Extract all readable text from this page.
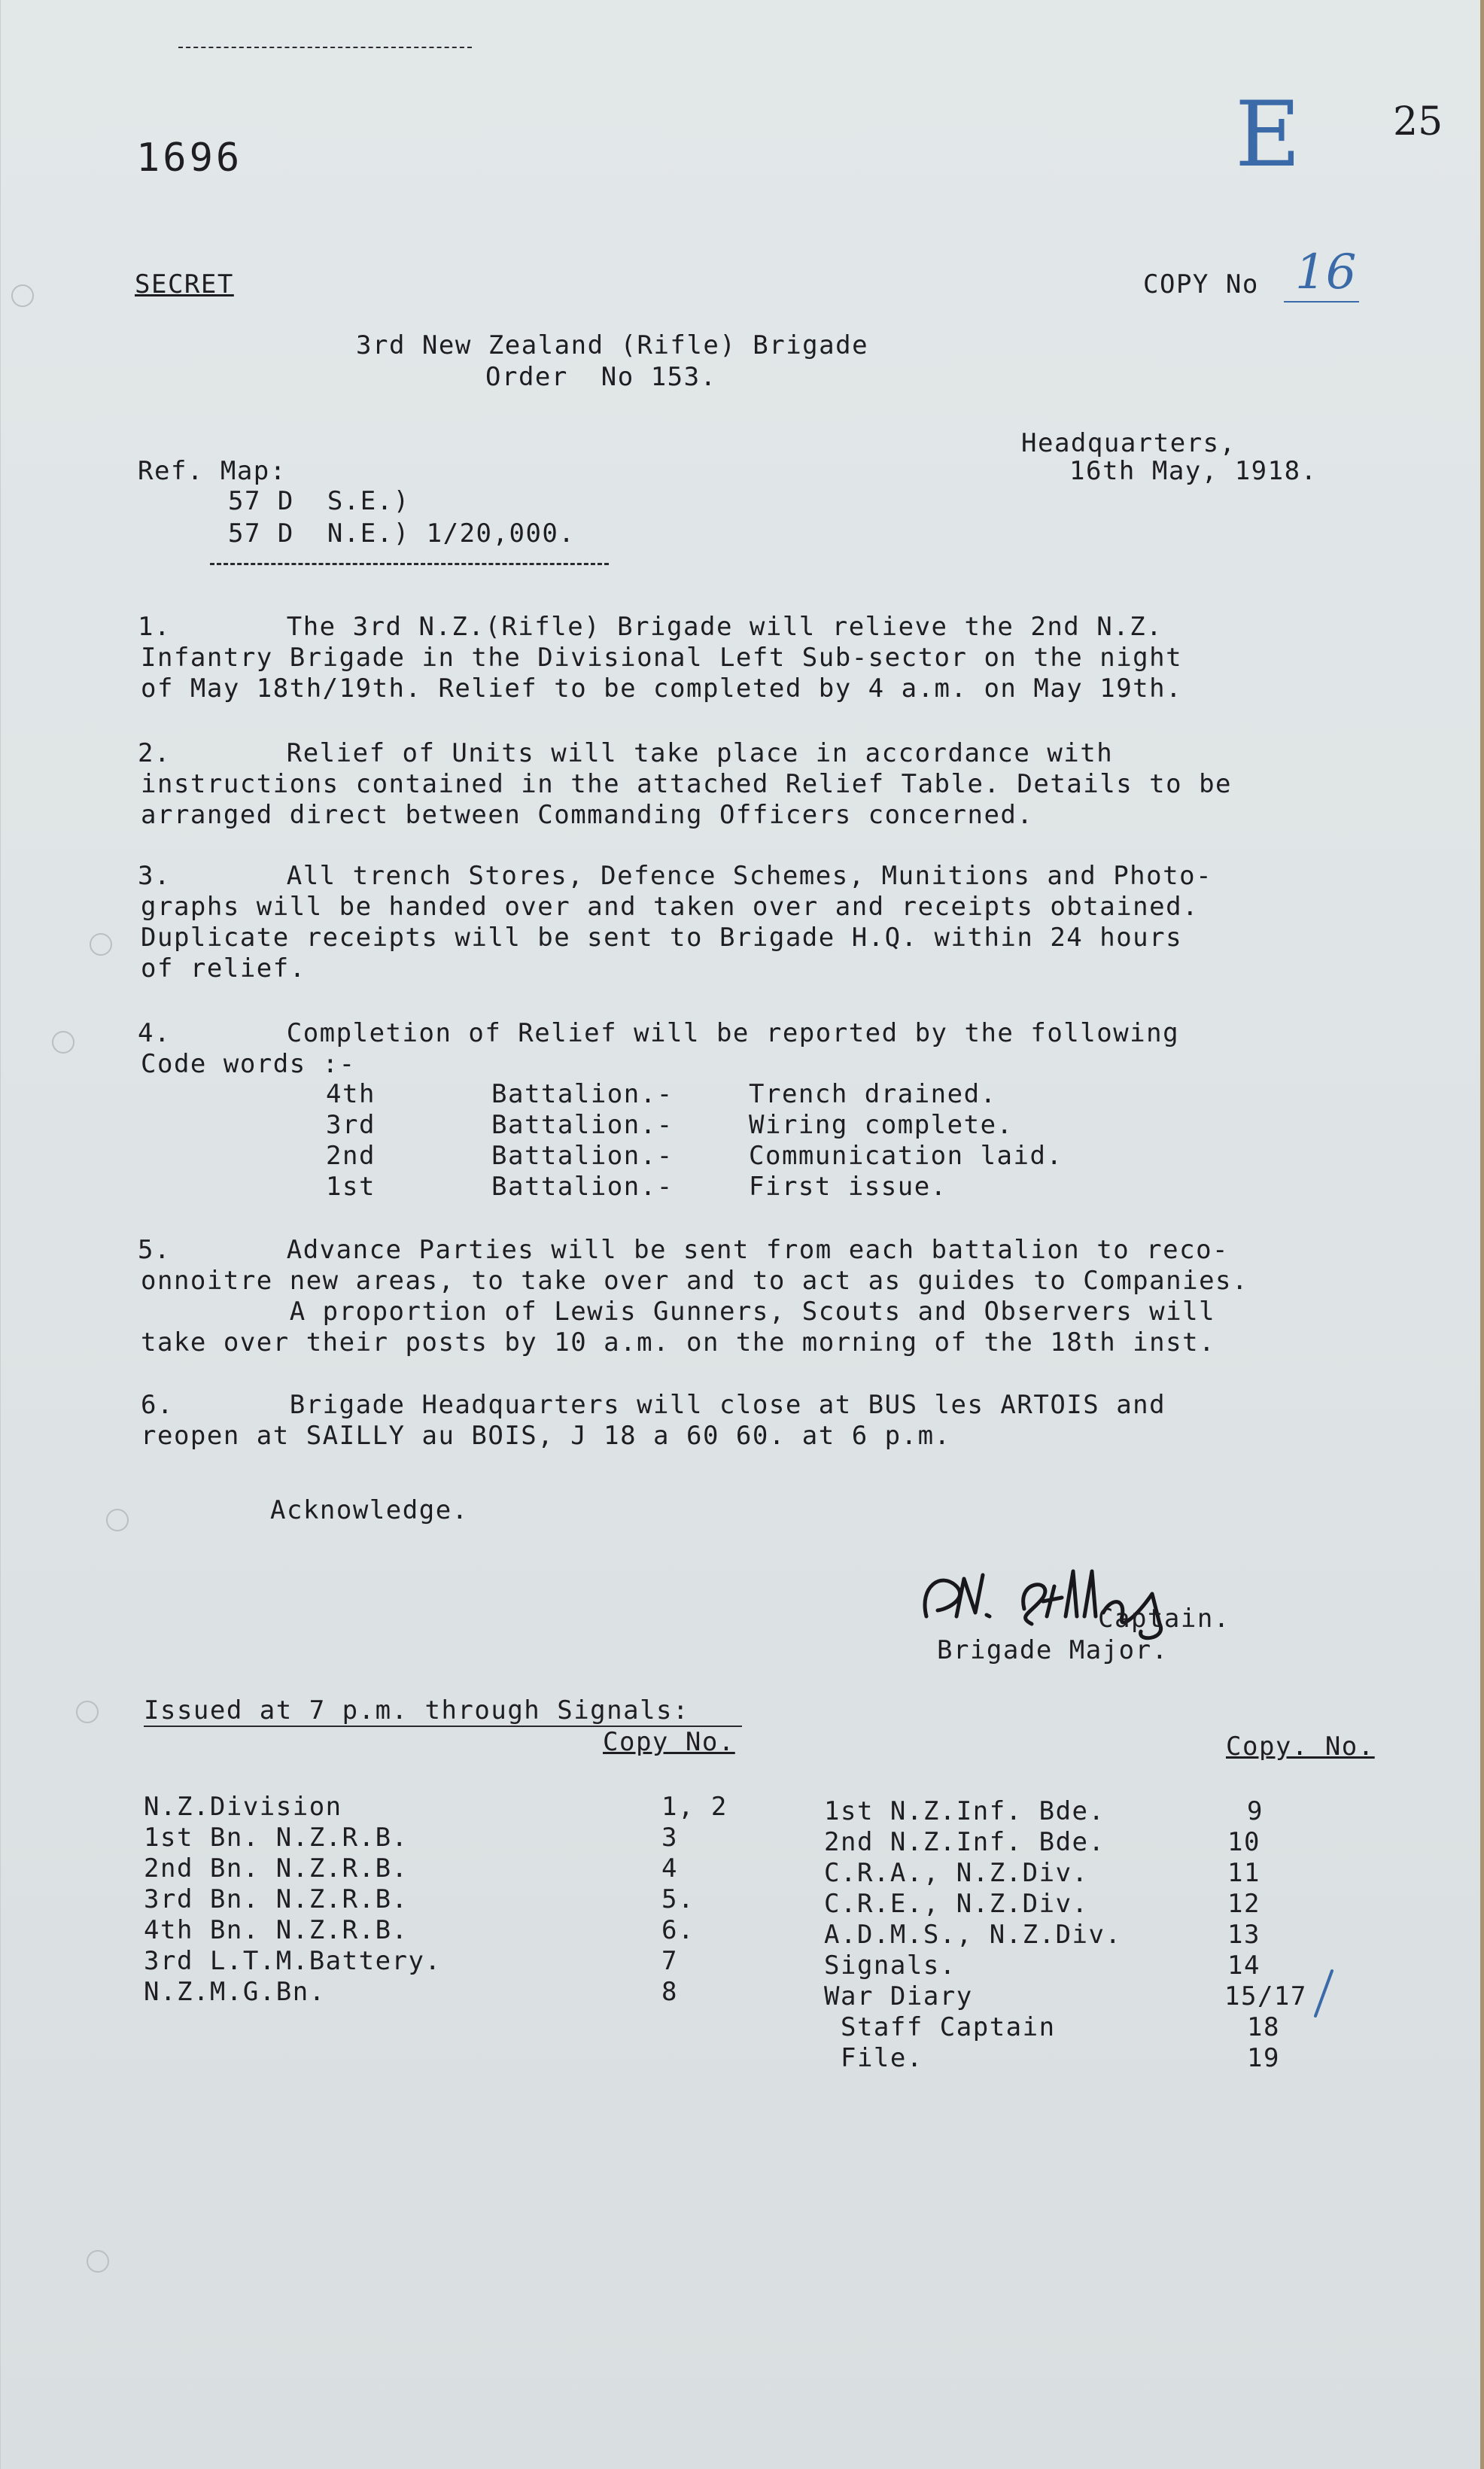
1696	E 25
SECRET	COPY No 16
3rd New Zealand (Rifle) Brigade
Order  No 153.
Headquarters,
16th May, 1918.
Ref. Map:
57 D  S.E.)
57 D  N.E.) 1/20,000.
1.       The 3rd N.Z.(Rifle) Brigade will relieve the 2nd N.Z.
Infantry Brigade in the Divisional Left Sub-sector on the night
of May 18th/19th. Relief to be completed by 4 a.m. on May 19th.
2.       Relief of Units will take place in accordance with
instructions contained in the attached Relief Table. Details to be
arranged direct between Commanding Officers concerned.
3.       All trench Stores, Defence Schemes, Munitions and Photo-
graphs will be handed over and taken over and receipts obtained.
Duplicate receipts will be sent to Brigade H.Q. within 24 hours
of relief.
4.       Completion of Relief will be reported by the following
Code words :-
4th	Battalion.-	Trench drained.
3rd	Battalion.-	Wiring complete.
2nd	Battalion.-	Communication laid.
1st	Battalion.-	First issue.
5.       Advance Parties will be sent from each battalion to reco-
onnoitre new areas, to take over and to act as guides to Companies.
A proportion of Lewis Gunners, Scouts and Observers will
take over their posts by 10 a.m. on the morning of the 18th inst.
6.       Brigade Headquarters will close at BUS les ARTOIS and
reopen at SAILLY au BOIS, J 18 a 60 60. at 6 p.m.
Acknowledge.

Captain.
Brigade Major.
Issued at 7 p.m. through Signals:
Copy No.	Copy. No.
N.Z.Division	1, 2
1st Bn. N.Z.R.B.	3
2nd Bn. N.Z.R.B.	4
3rd Bn. N.Z.R.B.	5.
4th Bn. N.Z.R.B.	6.
3rd L.T.M.Battery.	7
N.Z.M.G.Bn.	8
1st N.Z.Inf. Bde.	9
2nd N.Z.Inf. Bde.	10
C.R.A., N.Z.Div.	11
C.R.E., N.Z.Div.	12
A.D.M.S., N.Z.Div.	13
Signals.	14
War Diary	15/17
Staff Captain	18
File.	19
